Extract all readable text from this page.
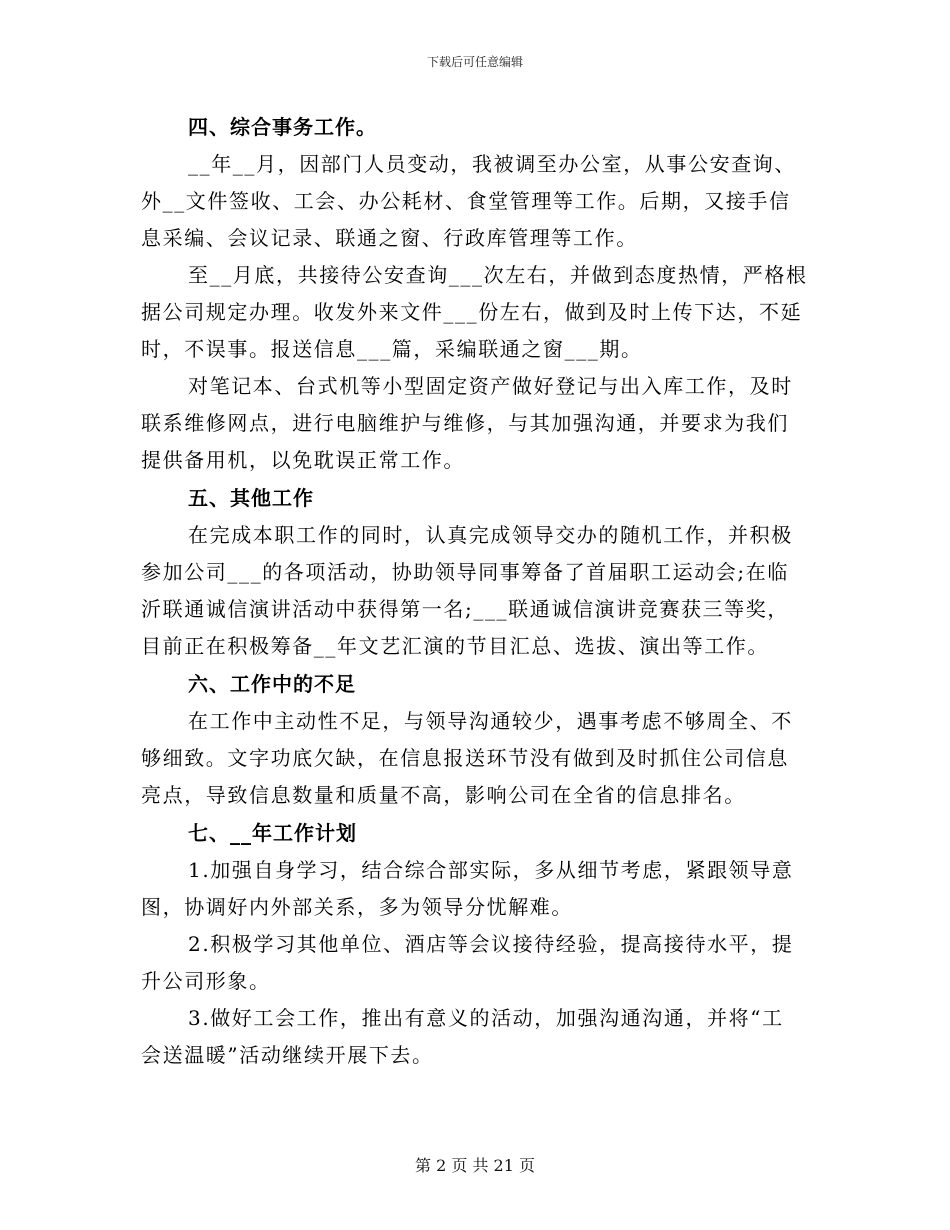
下载后可任意编辑
四、综合事务工作。
__年__月，因部门人员变动，我被调至办公室，从事公安查询、
外__文件签收、工会、办公耗材、食堂管理等工作。后期，又接手信
息采编、会议记录、联通之窗、行政库管理等工作。
至__月底，共接待公安查询___次左右，并做到态度热情，严格根
据公司规定办理。收发外来文件___份左右，做到及时上传下达，不延
时，不误事。报送信息___篇，采编联通之窗___期。
对笔记本、台式机等小型固定资产做好登记与出入库工作，及时
联系维修网点，进行电脑维护与维修，与其加强沟通，并要求为我们
提供备用机，以免耽误正常工作。
五、其他工作
在完成本职工作的同时，认真完成领导交办的随机工作，并积极
参加公司___的各项活动，协助领导同事筹备了首届职工运动会;在临
沂联通诚信演讲活动中获得第一名;___联通诚信演讲竞赛获三等奖，
目前正在积极筹备__年文艺汇演的节目汇总、选拔、演出等工作。
六、工作中的不足
在工作中主动性不足，与领导沟通较少，遇事考虑不够周全、不
够细致。文字功底欠缺，在信息报送环节没有做到及时抓住公司信息
亮点，导致信息数量和质量不高，影响公司在全省的信息排名。
七、__年工作计划
1.加强自身学习，结合综合部实际，多从细节考虑，紧跟领导意
图，协调好内外部关系，多为领导分忧解难。
2.积极学习其他单位、酒店等会议接待经验，提高接待水平，提
升公司形象。
3.做好工会工作，推出有意义的活动，加强沟通沟通，并将“工
会送温暖”活动继续开展下去。
第 2 页 共 21 页
